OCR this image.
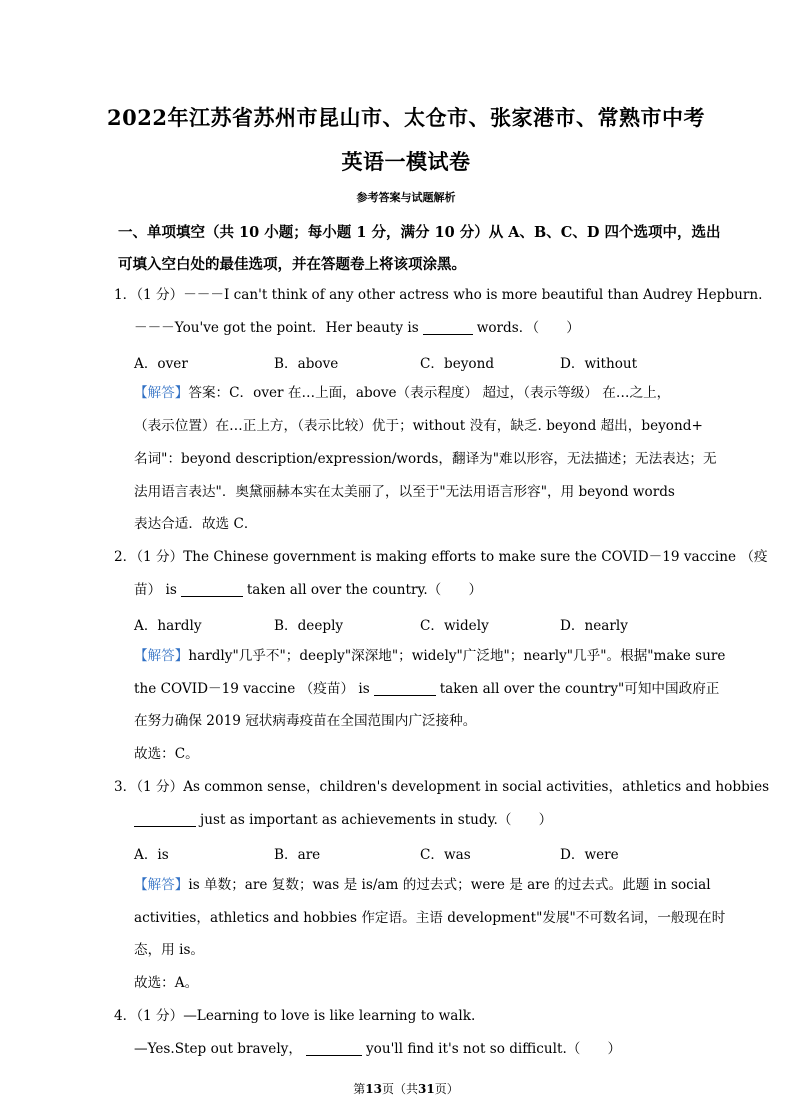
2022年江苏省苏州市昆山市、太仓市、张家港市、常熟市中考
英语一模试卷
参考答案与试题解析
一、单项填空（共 10 小题；每小题 1 分，满分 10 分）从 A、B、C、D 四个选项中，选出
可填入空白处的最佳选项，并在答题卷上将该项涂黑。
1．（1 分）－－－I can't think of any other actress who is more beautiful than Audrey Hepburn.
－－－You've got the point．Her beauty is	words．（　　）
A．over	B．above	C．beyond	D．without
【解答】答案：C．over 在…上面，above（表示程度） 超过，（表示等级） 在…之上，
（表示位置）在…正上方，（表示比较）优于；without 没有，缺乏. beyond 超出，beyond+
名词"：beyond description/expression/words，翻译为"难以形容，无法描述；无法表达；无
法用语言表达"．奥黛丽赫本实在太美丽了，以至于"无法用语言形容"，用 beyond words
表达合适．故选 C．
2．（1 分）The Chinese government is making efforts to make sure the COVID－19 vaccine （疫
苗） is	taken all over the country.（　　）
A．hardly	B．deeply	C．widely	D．nearly
【解答】hardly"几乎不"；deeply"深深地"；widely"广泛地"；nearly"几乎"。根据"make sure
the COVID－19 vaccine （疫苗） is	taken all over the country"可知中国政府正
在努力确保 2019 冠状病毒疫苗在全国范围内广泛接种。
故选：C。
3．（1 分）As common sense，children's development in social activities，athletics and hobbies
just as important as achievements in study.（　　）
A．is	B．are	C．was	D．were
【解答】is 单数；are 复数；was 是 is/am 的过去式；were 是 are 的过去式。此题 in social
activities，athletics and hobbies 作定语。主语 development"发展"不可数名词，一般现在时
态，用 is。
故选：A。
4．（1 分）—Learning to love is like learning to walk.
—Yes.Step out bravely，	you'll find it's not so difficult.（　　）
第13页（共31页）
